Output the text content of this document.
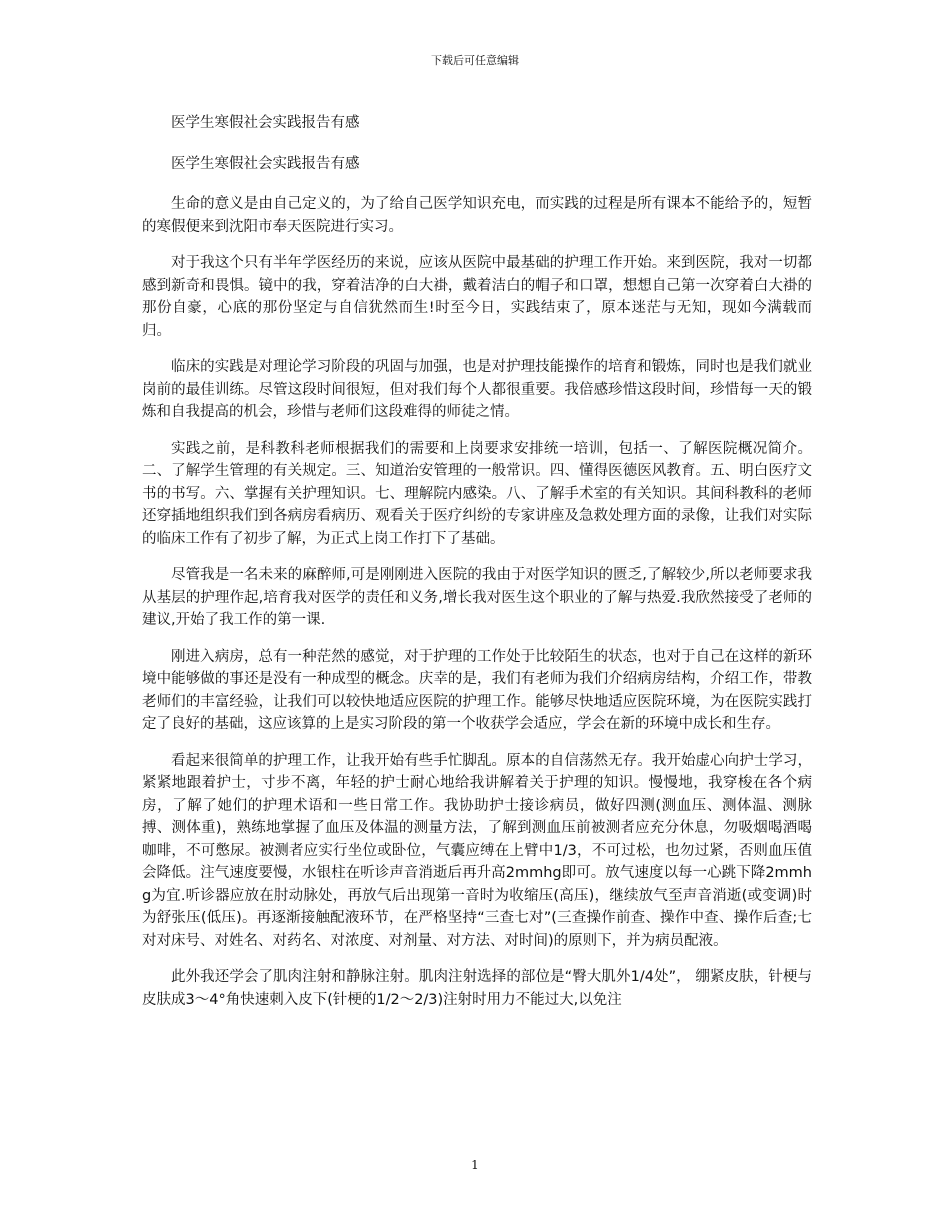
下载后可任意编辑

医学生寒假社会实践报告有感

医学生寒假社会实践报告有感

生命的意义是由自己定义的，为了给自己医学知识充电，而实践的过程是所有课本不能给予的，短暂的寒假便来到沈阳市奉天医院进行实习。

对于我这个只有半年学医经历的来说，应该从医院中最基础的护理工作开始。来到医院，我对一切都感到新奇和畏惧。镜中的我，穿着洁净的白大褂，戴着洁白的帽子和口罩，想想自己第一次穿着白大褂的那份自豪，心底的那份坚定与自信犹然而生!时至今日，实践结束了，原本迷茫与无知，现如今满载而归。

临床的实践是对理论学习阶段的巩固与加强，也是对护理技能操作的培育和锻炼，同时也是我们就业岗前的最佳训练。尽管这段时间很短，但对我们每个人都很重要。我倍感珍惜这段时间，珍惜每一天的锻炼和自我提高的机会，珍惜与老师们这段难得的师徒之情。

实践之前，是科教科老师根据我们的需要和上岗要求安排统一培训，包括一、了解医院概况简介。二、了解学生管理的有关规定。三、知道治安管理的一般常识。四、懂得医德医风教育。五、明白医疗文书的书写。六、掌握有关护理知识。七、理解院内感染。八、了解手术室的有关知识。其间科教科的老师还穿插地组织我们到各病房看病历、观看关于医疗纠纷的专家讲座及急救处理方面的录像，让我们对实际的临床工作有了初步了解，为正式上岗工作打下了基础。

尽管我是一名未来的麻醉师,可是刚刚进入医院的我由于对医学知识的匮乏,了解较少,所以老师要求我从基层的护理作起,培育我对医学的责任和义务,增长我对医生这个职业的了解与热爱.我欣然接受了老师的建议,开始了我工作的第一课.

刚进入病房，总有一种茫然的感觉，对于护理的工作处于比较陌生的状态，也对于自己在这样的新环境中能够做的事还是没有一种成型的概念。庆幸的是，我们有老师为我们介绍病房结构，介绍工作，带教老师们的丰富经验，让我们可以较快地适应医院的护理工作。能够尽快地适应医院环境，为在医院实践打定了良好的基础，这应该算的上是实习阶段的第一个收获学会适应，学会在新的环境中成长和生存。

看起来很简单的护理工作，让我开始有些手忙脚乱。原本的自信荡然无存。我开始虚心向护士学习，紧紧地跟着护士，寸步不离，年轻的护士耐心地给我讲解着关于护理的知识。慢慢地，我穿梭在各个病房，了解了她们的护理术语和一些日常工作。我协助护士接诊病员，做好四测(测血压、测体温、测脉搏、测体重)，熟练地掌握了血压及体温的测量方法，了解到测血压前被测者应充分休息，勿吸烟喝酒喝咖啡，不可憋尿。被测者应实行坐位或卧位，气囊应缚在上臂中1/3，不可过松，也勿过紧，否则血压值会降低。注气速度要慢，水银柱在听诊声音消逝后再升高2mmhg即可。放气速度以每一心跳下降2mmhg为宜.听诊器应放在肘动脉处，再放气后出现第一音时为收缩压(高压)，继续放气至声音消逝(或变调)时为舒张压(低压)。再逐渐接触配液环节，在严格坚持“三查七对”(三查操作前查、操作中查、操作后查;七对对床号、对姓名、对药名、对浓度、对剂量、对方法、对时间)的原则下，并为病员配液。

此外我还学会了肌肉注射和静脉注射。肌肉注射选择的部位是“臀大肌外1/4处”， 绷紧皮肤，针梗与皮肤成3～4°角快速刺入皮下(针梗的1/2～2/3)注射时用力不能过大,以免注

1
